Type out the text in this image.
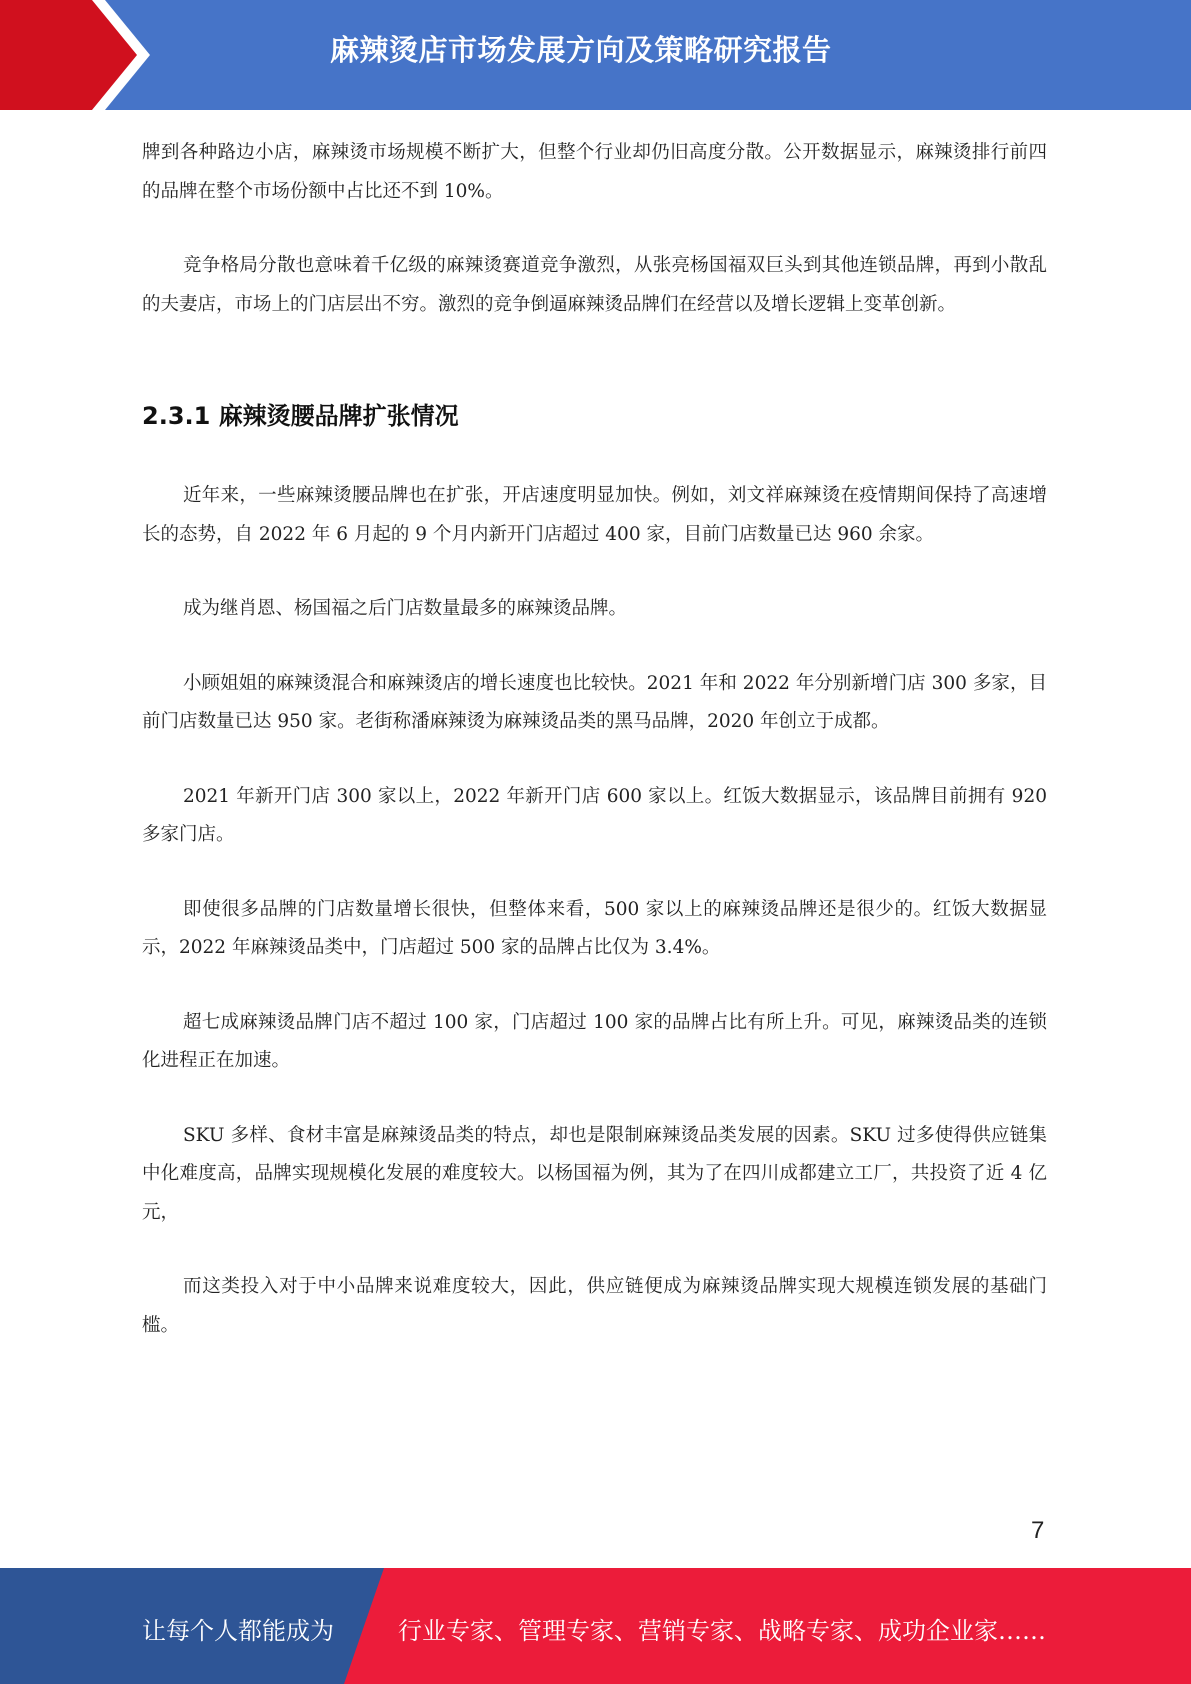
麻辣烫店市场发展方向及策略研究报告

牌到各种路边小店，麻辣烫市场规模不断扩大，但整个行业却仍旧高度分散。公开数据显示，麻辣烫排行前四的品牌在整个市场份额中占比还不到 10%。

竞争格局分散也意味着千亿级的麻辣烫赛道竞争激烈，从张亮杨国福双巨头到其他连锁品牌，再到小散乱的夫妻店，市场上的门店层出不穷。激烈的竞争倒逼麻辣烫品牌们在经营以及增长逻辑上变革创新。

2.3.1 麻辣烫腰品牌扩张情况

近年来，一些麻辣烫腰品牌也在扩张，开店速度明显加快。例如，刘文祥麻辣烫在疫情期间保持了高速增长的态势，自 2022 年 6 月起的 9 个月内新开门店超过 400 家，目前门店数量已达 960 余家。

成为继肖恩、杨国福之后门店数量最多的麻辣烫品牌。

小顾姐姐的麻辣烫混合和麻辣烫店的增长速度也比较快。2021 年和 2022 年分别新增门店 300 多家，目前门店数量已达 950 家。老街称潘麻辣烫为麻辣烫品类的黑马品牌，2020 年创立于成都。

2021 年新开门店 300 家以上，2022 年新开门店 600 家以上。红饭大数据显示，该品牌目前拥有 920 多家门店。

即使很多品牌的门店数量增长很快，但整体来看，500 家以上的麻辣烫品牌还是很少的。红饭大数据显示，2022 年麻辣烫品类中，门店超过 500 家的品牌占比仅为 3.4%。

超七成麻辣烫品牌门店不超过 100 家，门店超过 100 家的品牌占比有所上升。可见，麻辣烫品类的连锁化进程正在加速。

SKU 多样、食材丰富是麻辣烫品类的特点，却也是限制麻辣烫品类发展的因素。SKU 过多使得供应链集中化难度高，品牌实现规模化发展的难度较大。以杨国福为例，其为了在四川成都建立工厂，共投资了近 4 亿元，

而这类投入对于中小品牌来说难度较大，因此，供应链便成为麻辣烫品牌实现大规模连锁发展的基础门槛。

7
让每个人都能成为	行业专家、管理专家、营销专家、战略专家、成功企业家……
